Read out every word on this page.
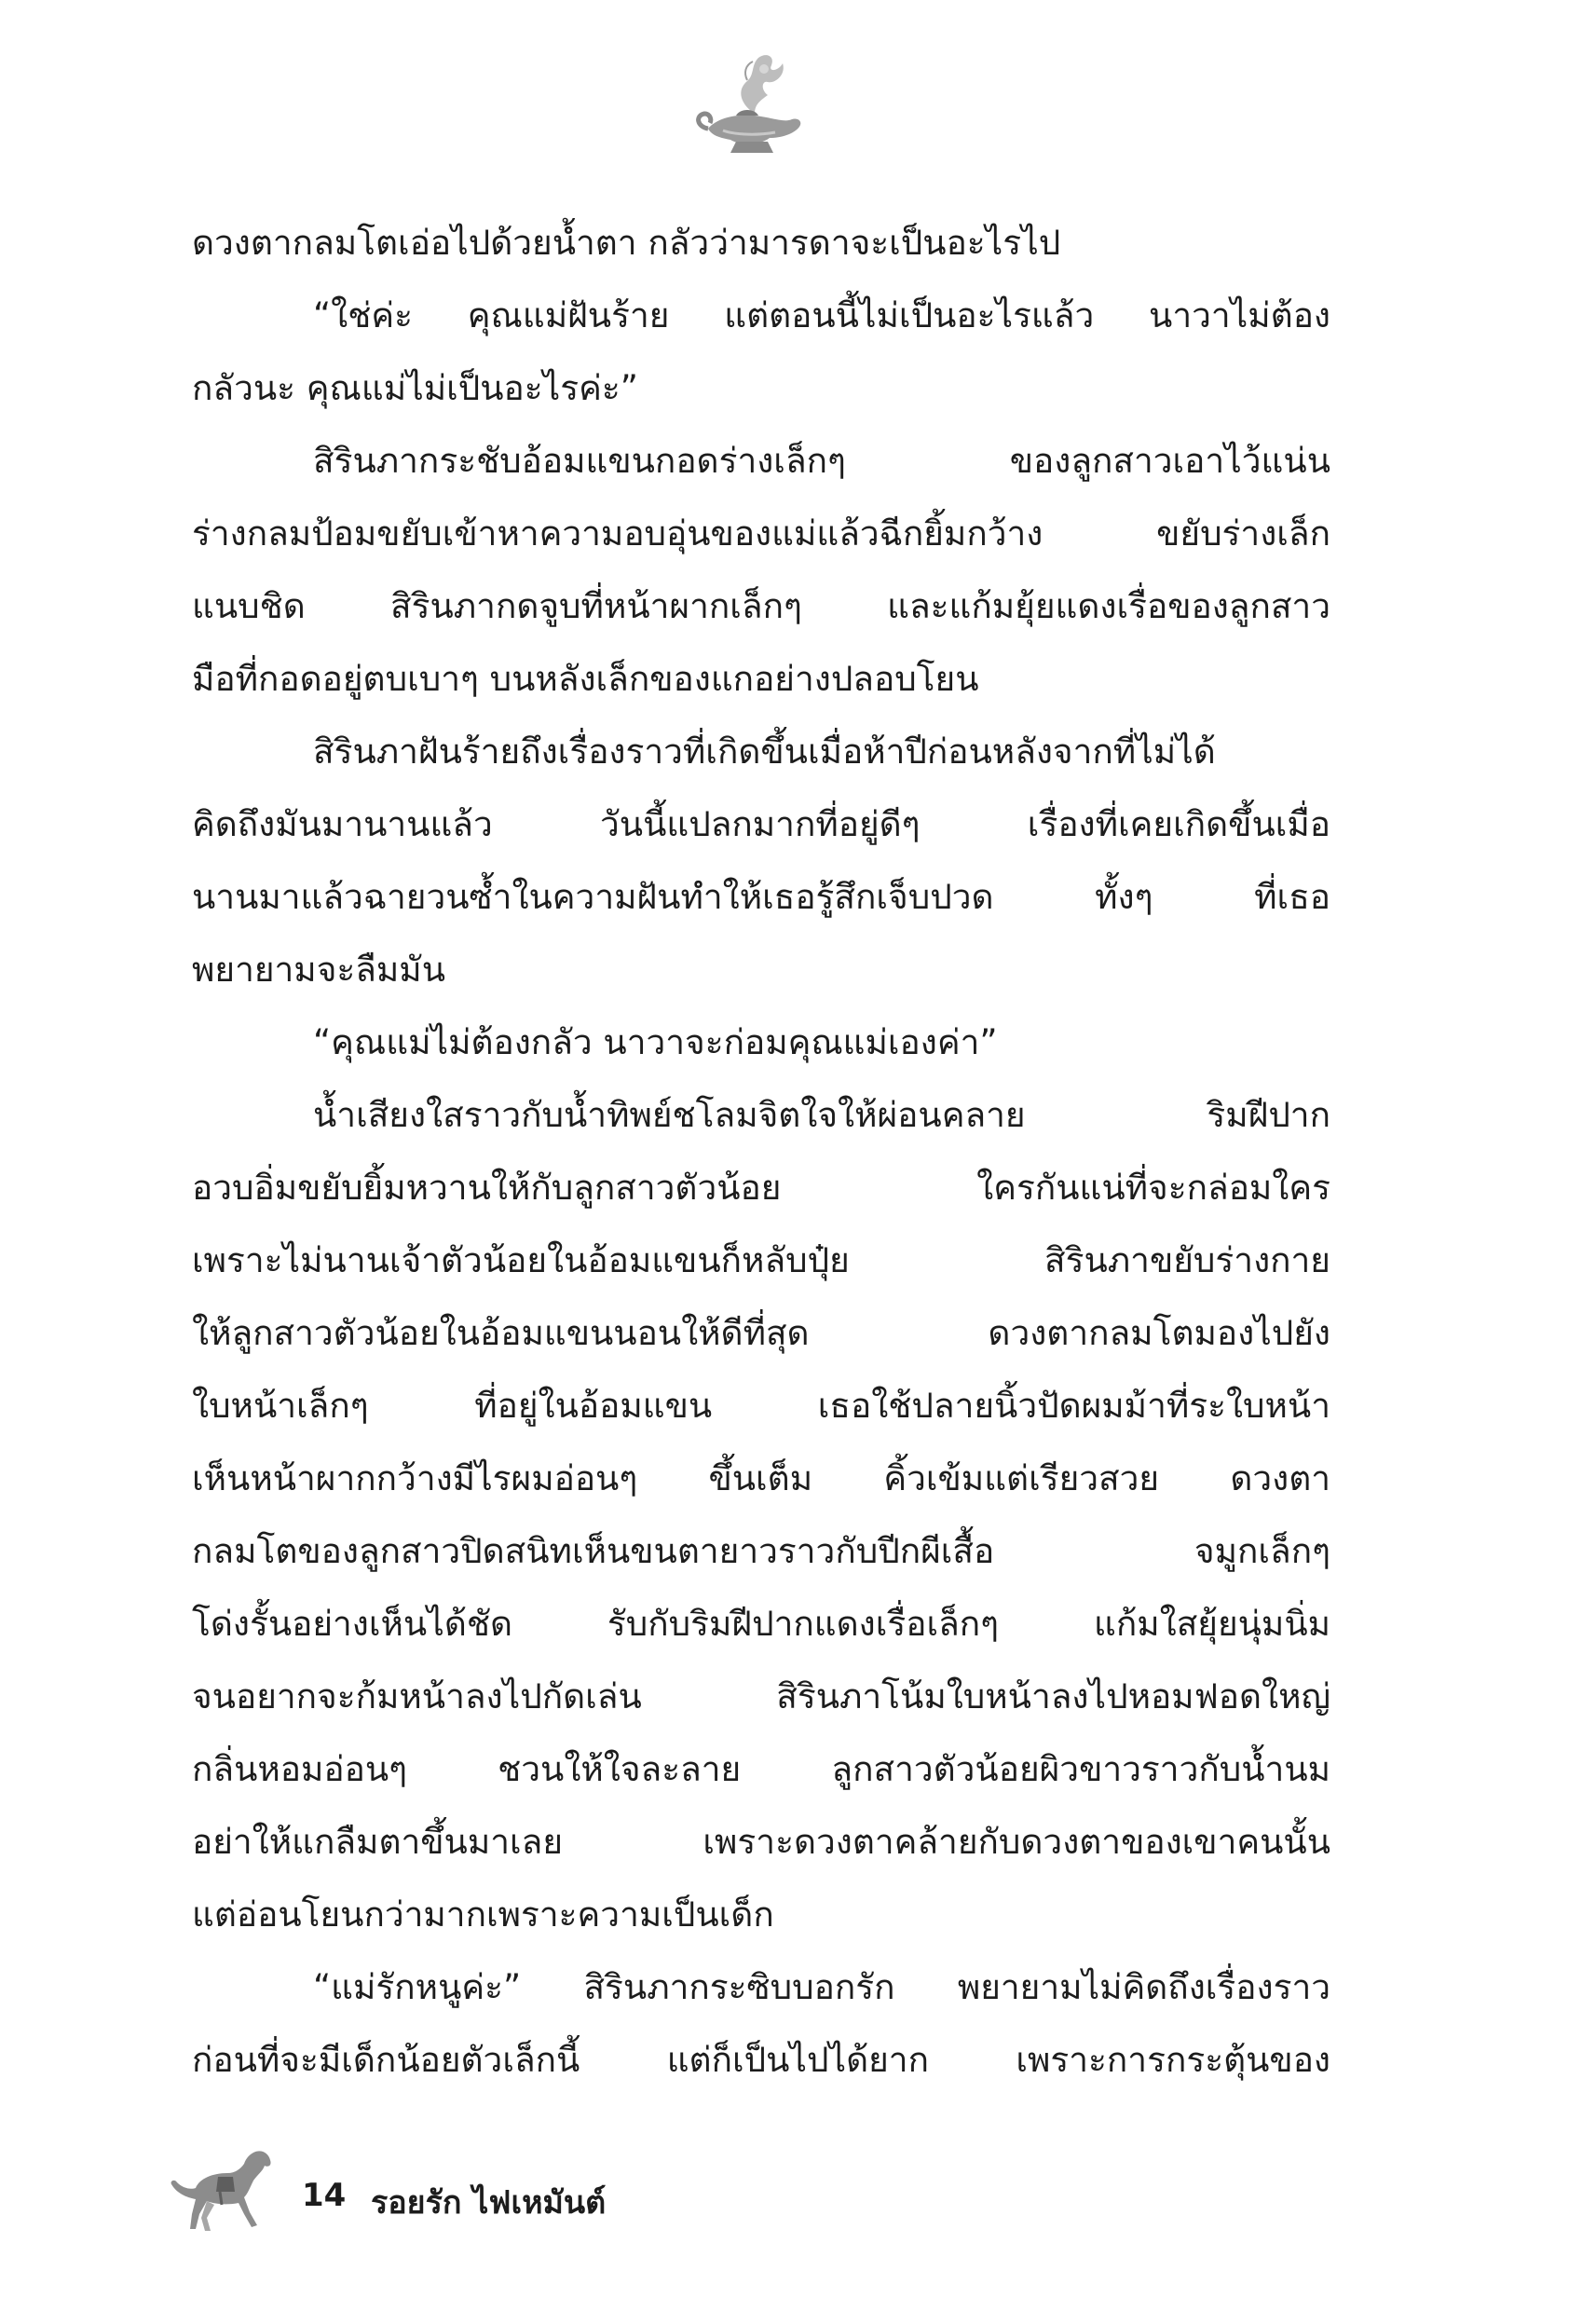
ดวงตากลมโตเอ่อไปด้วยน้ำตา กลัวว่ามารดาจะเป็นอะไรไป
“ใช่ค่ะ คุณแม่ฝันร้าย แต่ตอนนี้ไม่เป็นอะไรแล้ว นาวาไม่ต้อง
กลัวนะ คุณแม่ไม่เป็นอะไรค่ะ”
สิรินภากระชับอ้อมแขนกอดร่างเล็กๆ ของลูกสาวเอาไว้แน่น
ร่างกลมป้อมขยับเข้าหาความอบอุ่นของแม่แล้วฉีกยิ้มกว้าง ขยับร่างเล็ก
แนบชิด สิรินภากดจูบที่หน้าผากเล็กๆ และแก้มยุ้ยแดงเรื่อของลูกสาว
มือที่กอดอยู่ตบเบาๆ บนหลังเล็กของแกอย่างปลอบโยน
สิรินภาฝันร้ายถึงเรื่องราวที่เกิดขึ้นเมื่อห้าปีก่อนหลังจากที่ไม่ได้
คิดถึงมันมานานแล้ว วันนี้แปลกมากที่อยู่ดีๆ เรื่องที่เคยเกิดขึ้นเมื่อ
นานมาแล้วฉายวนซ้ำในความฝันทำให้เธอรู้สึกเจ็บปวด ทั้งๆ ที่เธอ
พยายามจะลืมมัน
“คุณแม่ไม่ต้องกลัว นาวาจะก่อมคุณแม่เองค่า”
น้ำเสียงใสราวกับน้ำทิพย์ชโลมจิตใจให้ผ่อนคลาย ริมฝีปาก
อวบอิ่มขยับยิ้มหวานให้กับลูกสาวตัวน้อย ใครกันแน่ที่จะกล่อมใคร
เพราะไม่นานเจ้าตัวน้อยในอ้อมแขนก็หลับปุ๋ย สิรินภาขยับร่างกาย
ให้ลูกสาวตัวน้อยในอ้อมแขนนอนให้ดีที่สุด ดวงตากลมโตมองไปยัง
ใบหน้าเล็กๆ ที่อยู่ในอ้อมแขน เธอใช้ปลายนิ้วปัดผมม้าที่ระใบหน้า
เห็นหน้าผากกว้างมีไรผมอ่อนๆ ขึ้นเต็ม คิ้วเข้มแต่เรียวสวย ดวงตา
กลมโตของลูกสาวปิดสนิทเห็นขนตายาวราวกับปีกผีเสื้อ จมูกเล็กๆ
โด่งรั้นอย่างเห็นได้ชัด รับกับริมฝีปากแดงเรื่อเล็กๆ แก้มใสยุ้ยนุ่มนิ่ม
จนอยากจะก้มหน้าลงไปกัดเล่น สิรินภาโน้มใบหน้าลงไปหอมฟอดใหญ่
กลิ่นหอมอ่อนๆ ชวนให้ใจละลาย ลูกสาวตัวน้อยผิวขาวราวกับน้ำนม
อย่าให้แกลืมตาขึ้นมาเลย เพราะดวงตาคล้ายกับดวงตาของเขาคนนั้น
แต่อ่อนโยนกว่ามากเพราะความเป็นเด็ก
“แม่รักหนูค่ะ” สิรินภากระซิบบอกรัก พยายามไม่คิดถึงเรื่องราว
ก่อนที่จะมีเด็กน้อยตัวเล็กนี้ แต่ก็เป็นไปได้ยาก เพราะการกระตุ้นของ
14 รอยรัก ไฟเหมันต์
